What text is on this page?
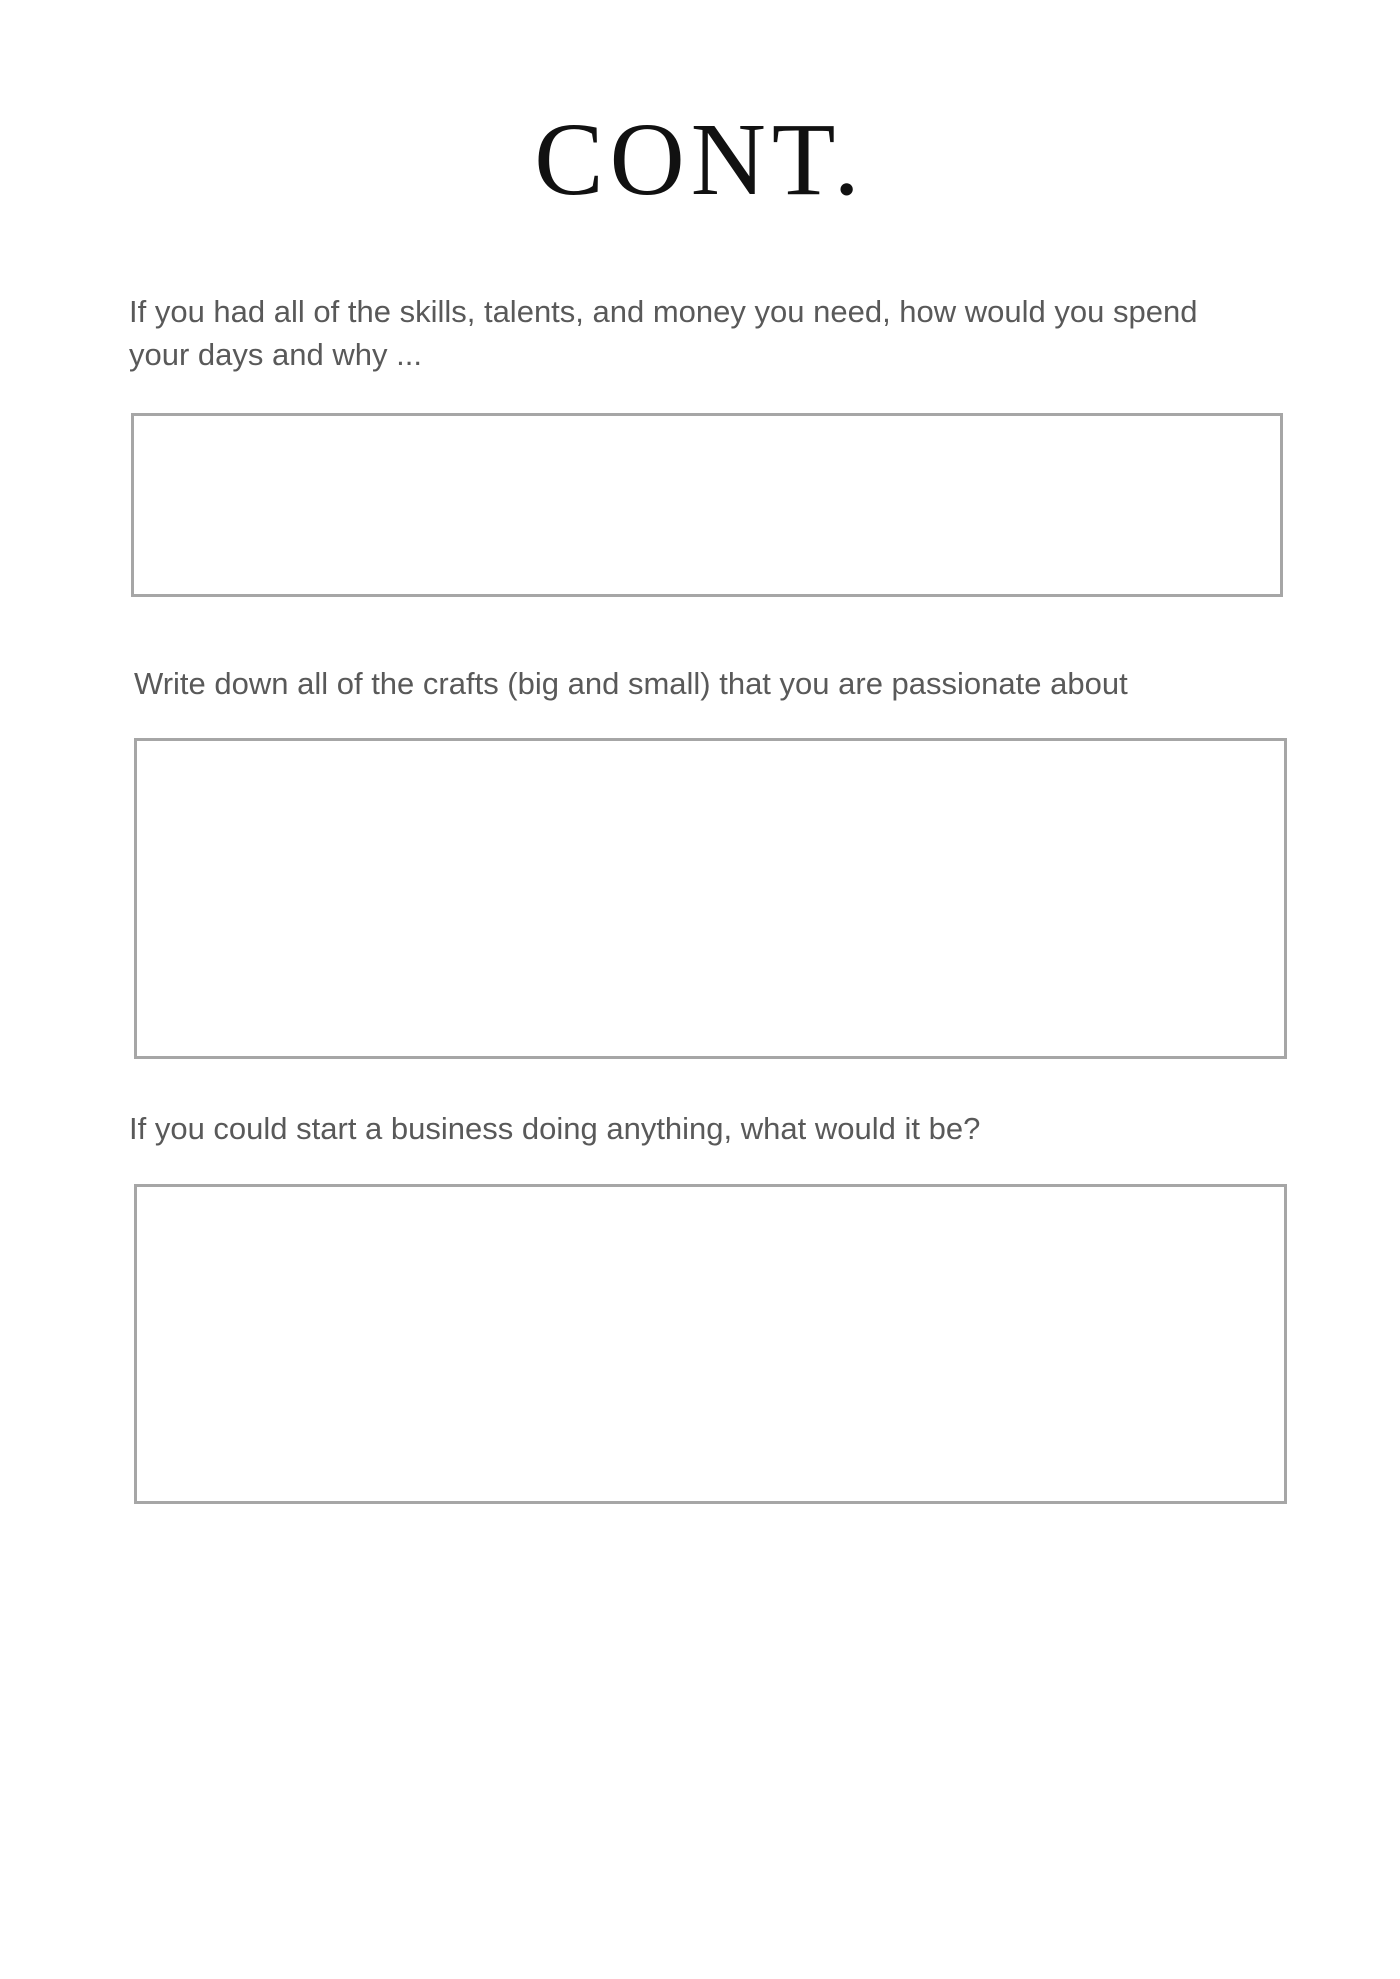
CONT.

If you had all of the skills, talents, and money you need, how would you spend your days and why ...

Write down all of the crafts (big and small) that you are passionate about

If you could start a business doing anything, what would it be?
